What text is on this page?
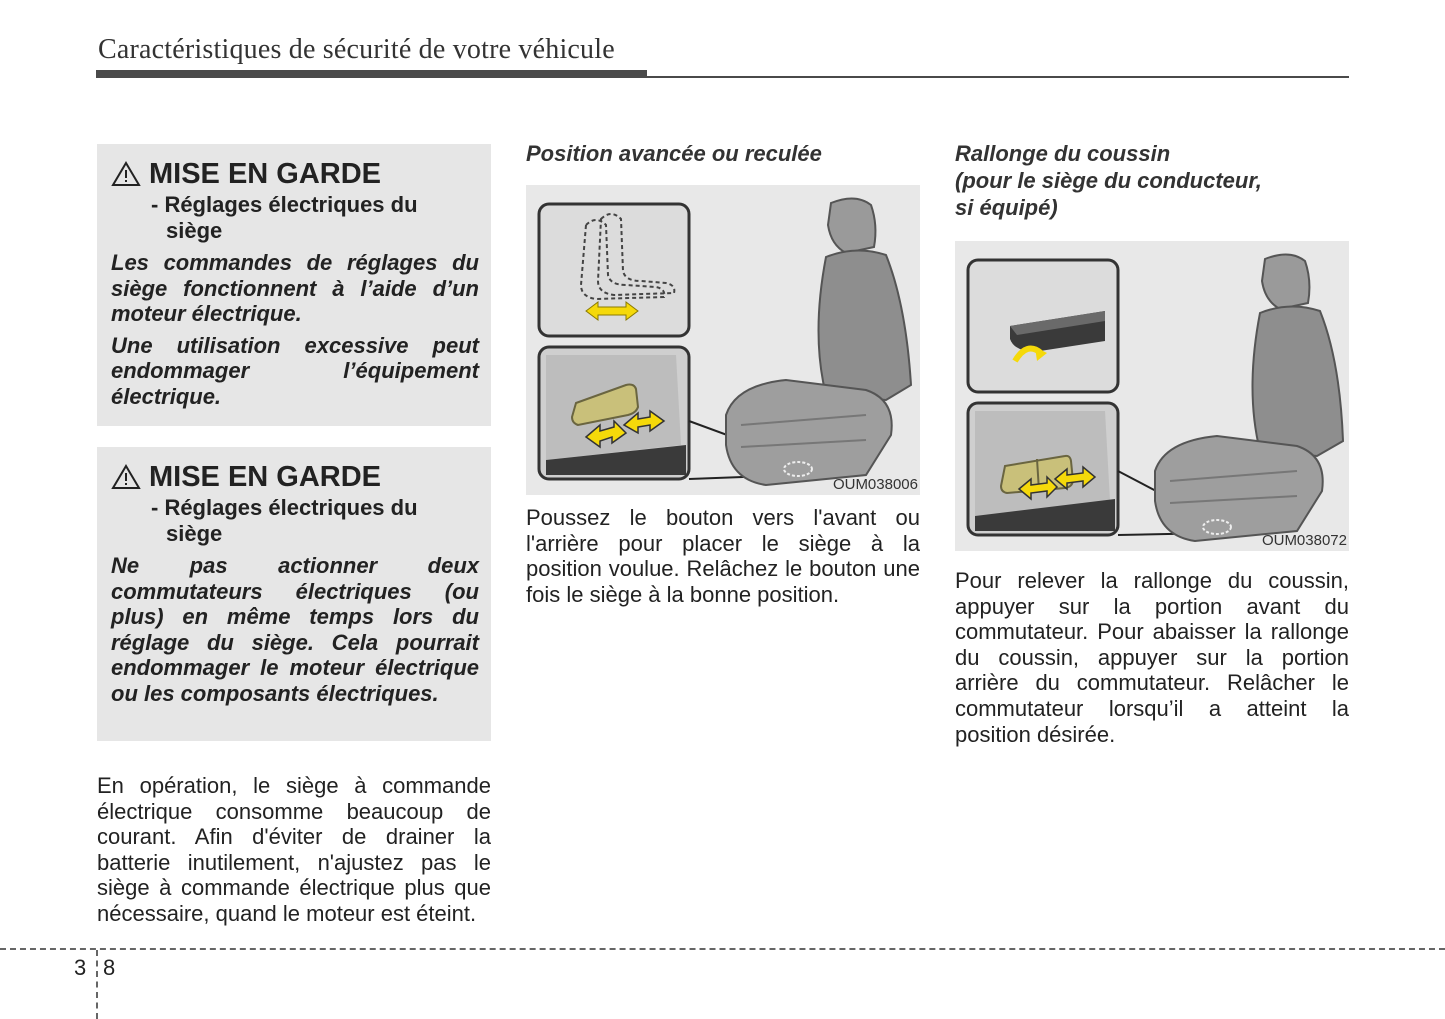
Caractéristiques de sécurité de votre véhicule
MISE EN GARDE
- Réglages électriques du
siège
Les commandes de réglages du siège fonctionnent à l’aide d’un moteur électrique.
Une utilisation excessive peut endommager l’équipement électrique.
MISE EN GARDE
- Réglages électriques du
siège
Ne pas actionner deux commutateurs électriques (ou plus) en même temps lors du réglage du siège. Cela pourrait endommager le moteur électrique ou les composants électriques.

En opération, le siège à commande électrique consomme beaucoup de courant. Afin d'éviter de drainer la batterie inutilement, n'ajustez pas le siège à commande électrique plus que nécessaire, quand le moteur est éteint.

Position avancée ou reculée
OUM038006

Poussez le bouton vers l'avant ou l'arrière pour placer le siège à la position voulue. Relâchez le bouton une fois le siège à la bonne position.

Rallonge du coussin
(pour le siège du conducteur,
si équipé)
OUM038072

Pour relever la rallonge du coussin, appuyer sur la portion avant du commutateur. Pour abaisser la rallonge du coussin, appuyer sur la portion arrière du commutateur. Relâcher le commutateur lorsqu’il a atteint la position désirée.

3 8
